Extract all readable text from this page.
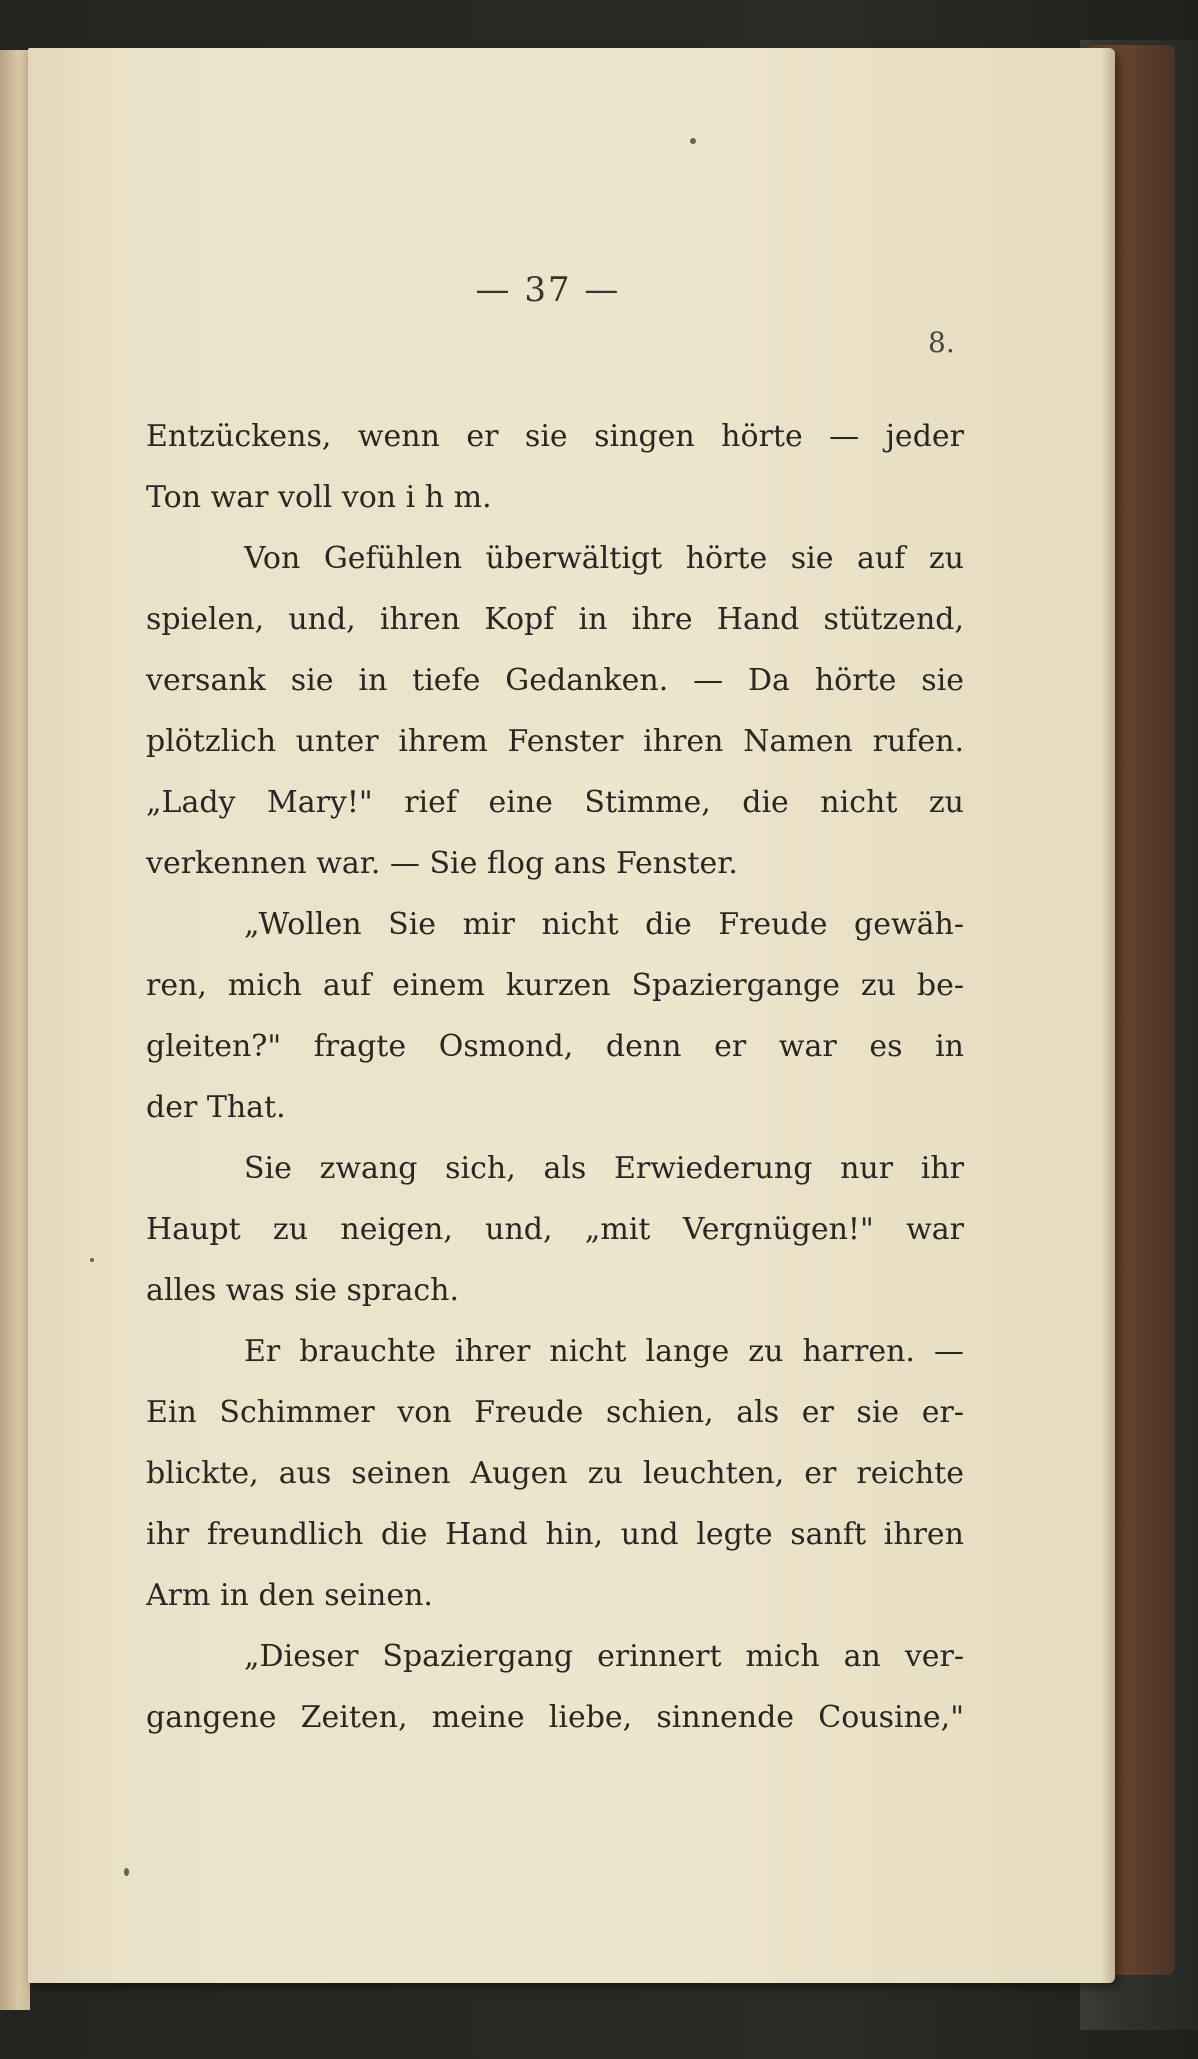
— 37 —
8.
Entzückens, wenn er sie singen hörte — jeder
Ton war voll von i h m.
Von Gefühlen überwältigt hörte sie auf zu
spielen, und, ihren Kopf in ihre Hand stützend,
versank sie in tiefe Gedanken. — Da hörte sie
plötzlich unter ihrem Fenster ihren Namen rufen.
„Lady Mary!" rief eine Stimme, die nicht zu
verkennen war. — Sie flog ans Fenster.
„Wollen Sie mir nicht die Freude gewäh-
ren, mich auf einem kurzen Spaziergange zu be-
gleiten?" fragte Osmond, denn er war es in
der That.
Sie zwang sich, als Erwiederung nur ihr
Haupt zu neigen, und, „mit Vergnügen!" war
alles was sie sprach.
Er brauchte ihrer nicht lange zu harren. —
Ein Schimmer von Freude schien, als er sie er-
blickte, aus seinen Augen zu leuchten, er reichte
ihr freundlich die Hand hin, und legte sanft ihren
Arm in den seinen.
„Dieser Spaziergang erinnert mich an ver-
gangene Zeiten, meine liebe, sinnende Cousine,"
